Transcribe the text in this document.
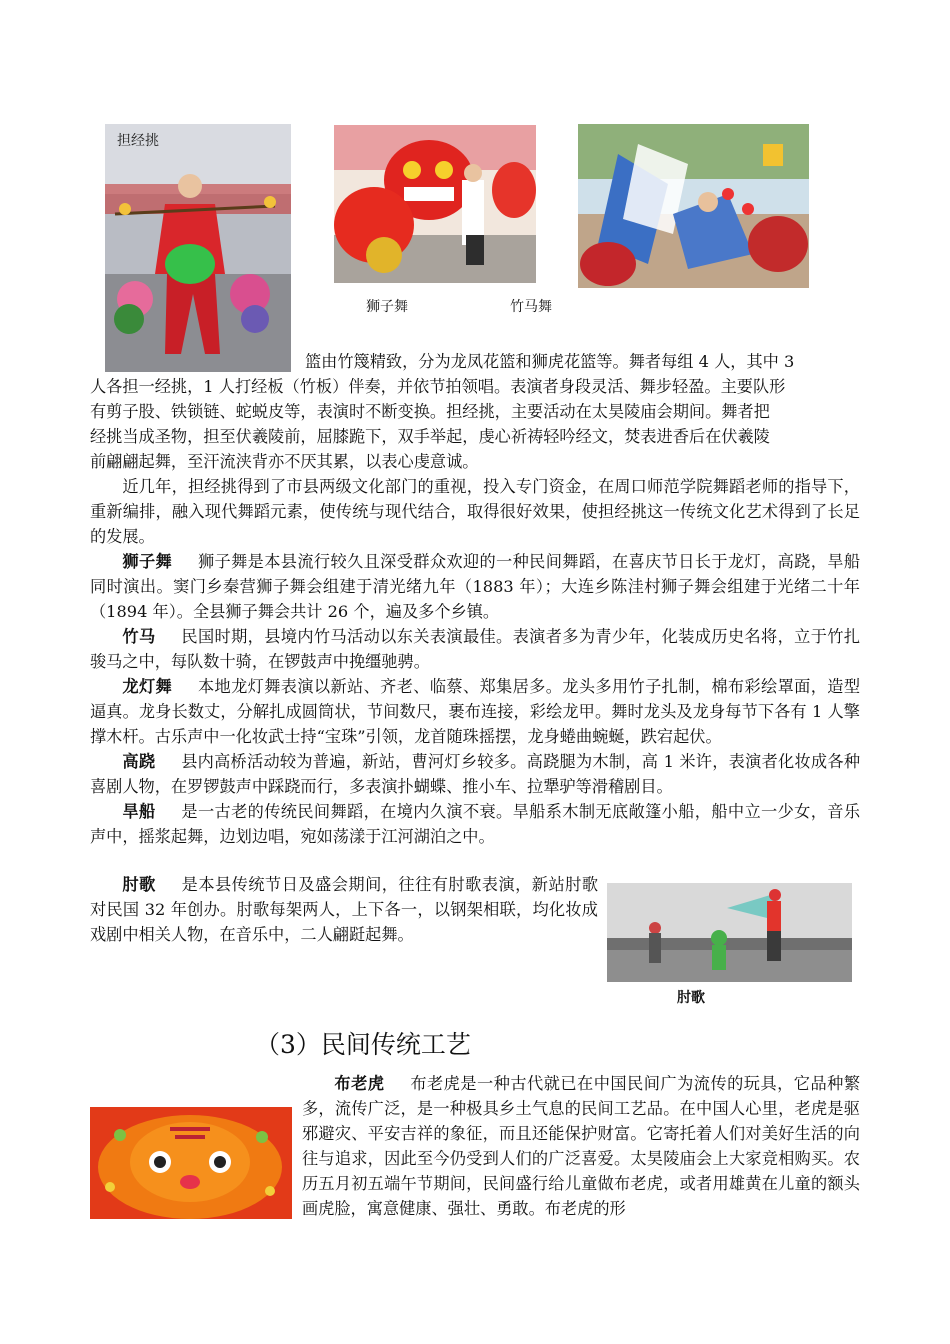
担经挑
狮子舞	竹马舞

篮由竹篾精致，分为龙凤花篮和狮虎花篮等。舞者每组 4 人，其中 3

人各担一经挑，1 人打经板（竹板）伴奏，并依节拍领唱。表演者身段灵活、舞步轻盈。主要队形

有剪子股、铁锁链、蛇蜕皮等，表演时不断变换。担经挑，主要活动在太昊陵庙会期间。舞者把

经挑当成圣物，担至伏羲陵前，屈膝跪下，双手举起，虔心祈祷轻吟经文，焚表进香后在伏羲陵

前翩翩起舞，至汗流浃背亦不厌其累，以表心虔意诚。

近几年，担经挑得到了市县两级文化部门的重视，投入专门资金，在周口师范学院舞蹈老师的指导下，重新编排，融入现代舞蹈元素，使传统与现代结合，取得很好效果，使担经挑这一传统文化艺术得到了长足的发展。

狮子舞 狮子舞是本县流行较久且深受群众欢迎的一种民间舞蹈，在喜庆节日长于龙灯，高跷，旱船同时演出。窦门乡秦营狮子舞会组建于清光绪九年（1883 年）；大连乡陈洼村狮子舞会组建于光绪二十年（1894 年）。全县狮子舞会共计 26 个，遍及多个乡镇。

竹马 民国时期，县境内竹马活动以东关表演最佳。表演者多为青少年，化装成历史名将，立于竹扎骏马之中，每队数十骑，在锣鼓声中挽缰驰骋。

龙灯舞 本地龙灯舞表演以新站、齐老、临蔡、郑集居多。龙头多用竹子扎制，棉布彩绘罩面，造型逼真。龙身长数丈，分解扎成圆筒状，节间数尺，裹布连接，彩绘龙甲。舞时龙头及龙身每节下各有 1 人擎撑木杆。古乐声中一化妆武士持“宝珠”引领，龙首随珠摇摆，龙身蜷曲蜿蜒，跌宕起伏。

高跷 县内高桥活动较为普遍，新站，曹河灯乡较多。高跷腿为木制，高 1 米许，表演者化妆成各种喜剧人物，在罗锣鼓声中踩跷而行，多表演扑蝴蝶、推小车、拉犟驴等滑稽剧目。

旱船 是一古老的传统民间舞蹈，在境内久演不衰。旱船系木制无底敞篷小船，船中立一少女，音乐声中，摇浆起舞，边划边唱，宛如荡漾于江河湖泊之中。

肘歌 是本县传统节日及盛会期间，往往有肘歌表演，新站肘歌对民国 32 年创办。肘歌每架两人，上下各一，以钢架相联，均化妆成戏剧中相关人物，在音乐中，二人翩跹起舞。

肘歌
（3）民间传统工艺

布老虎 布老虎是一种古代就已在中国民间广为流传的玩具，它品种繁多，流传广泛，是一种极具乡土气息的民间工艺品。在中国人心里，老虎是驱邪避灾、平安吉祥的象征，而且还能保护财富。它寄托着人们对美好生活的向往与追求，因此至今仍受到人们的广泛喜爱。太昊陵庙会上大家竞相购买。农历五月初五端午节期间，民间盛行给儿童做布老虎，或者用雄黄在儿童的额头画虎脸，寓意健康、强壮、勇敢。布老虎的形
